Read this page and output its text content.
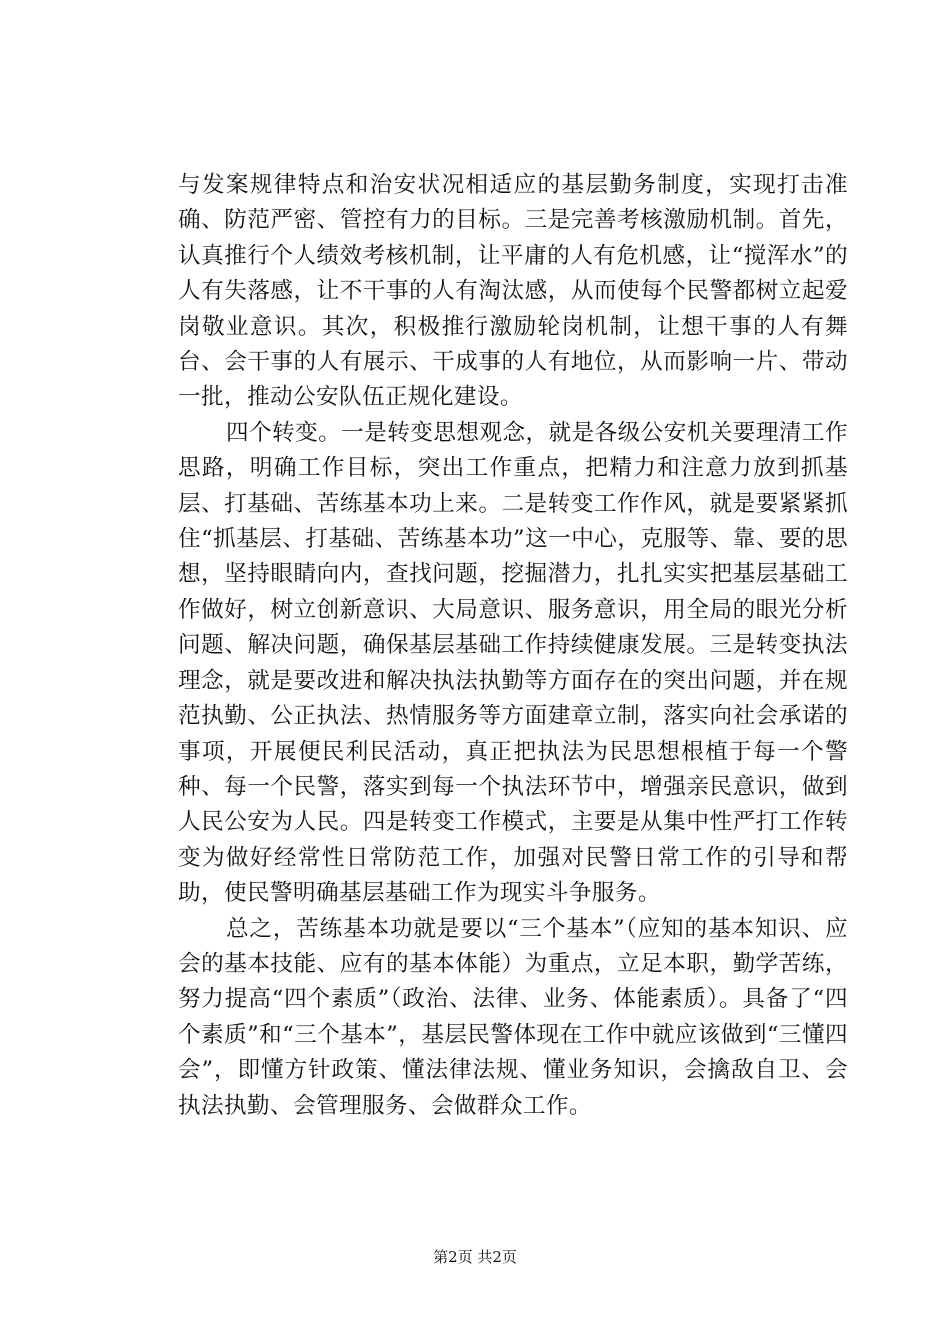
与发案规律特点和治安状况相适应的基层勤务制度，实现打击准确、防范严密、管控有力的目标。三是完善考核激励机制。首先，认真推行个人绩效考核机制，让平庸的人有危机感，让“搅浑水”的人有失落感，让不干事的人有淘汰感，从而使每个民警都树立起爱岗敬业意识。其次，积极推行激励轮岗机制，让想干事的人有舞台、会干事的人有展示、干成事的人有地位，从而影响一片、带动一批，推动公安队伍正规化建设。

四个转变。一是转变思想观念，就是各级公安机关要理清工作思路，明确工作目标，突出工作重点，把精力和注意力放到抓基层、打基础、苦练基本功上来。二是转变工作作风，就是要紧紧抓住“抓基层、打基础、苦练基本功”这一中心，克服等、靠、要的思想，坚持眼睛向内，查找问题，挖掘潜力，扎扎实实把基层基础工作做好，树立创新意识、大局意识、服务意识，用全局的眼光分析问题、解决问题，确保基层基础工作持续健康发展。三是转变执法理念，就是要改进和解决执法执勤等方面存在的突出问题，并在规范执勤、公正执法、热情服务等方面建章立制，落实向社会承诺的事项，开展便民利民活动，真正把执法为民思想根植于每一个警种、每一个民警，落实到每一个执法环节中，增强亲民意识，做到人民公安为人民。四是转变工作模式，主要是从集中性严打工作转变为做好经常性日常防范工作，加强对民警日常工作的引导和帮助，使民警明确基层基础工作为现实斗争服务。

总之，苦练基本功就是要以“三个基本”（应知的基本知识、应会的基本技能、应有的基本体能）为重点，立足本职，勤学苦练，努力提高“四个素质”（政治、法律、业务、体能素质）。具备了“四个素质”和“三个基本”，基层民警体现在工作中就应该做到“三懂四会”，即懂方针政策、懂法律法规、懂业务知识，会擒敌自卫、会执法执勤、会管理服务、会做群众工作。

第2页 共2页
